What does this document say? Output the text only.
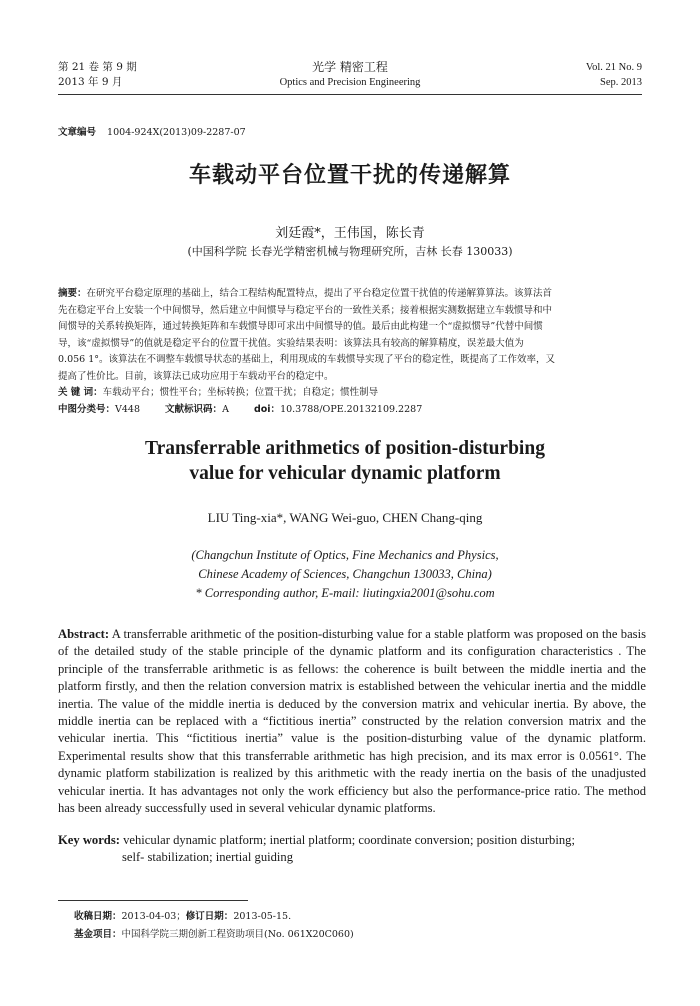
第 21 卷 第 9 期
2013 年 9 月
光学 精密工程
Optics and Precision Engineering
Vol. 21 No. 9
Sep. 2013
文章编号 1004-924X(2013)09-2287-07
车载动平台位置干扰的传递解算
刘廷霞*，王伟国，陈长青
(中国科学院 长春光学精密机械与物理研究所，吉林 长春 130033)
摘要：在研究平台稳定原理的基础上，结合工程结构配置特点，提出了平台稳定位置干扰值的传递解算算法。该算法首
先在稳定平台上安装一个中间惯导，然后建立中间惯导与稳定平台的一致性关系；接着根据实测数据建立车载惯导和中
间惯导的关系转换矩阵，通过转换矩阵和车载惯导即可求出中间惯导的值。最后由此构建一个“虚拟惯导”代替中间惯
导，该“虚拟惯导”的值就是稳定平台的位置干扰值。实验结果表明：该算法具有较高的解算精度，误差最大值为
0.056 1°。该算法在不调整车载惯导状态的基础上，利用现成的车载惯导实现了平台的稳定性，既提高了工作效率，又
提高了性价比。目前，该算法已成功应用于车载动平台的稳定中。
关 键 词：车载动平台；惯性平台；坐标转换；位置干扰；自稳定；惯性制导
中图分类号：V448	文献标识码：A	doi：10.3788/OPE.20132109.2287
Transferrable arithmetics of position-disturbing
value for vehicular dynamic platform
LIU Ting-xia*, WANG Wei-guo, CHEN Chang-qing
(Changchun Institute of Optics, Fine Mechanics and Physics,
Chinese Academy of Sciences, Changchun 130033, China)
* Corresponding author, E-mail: liutingxia2001@sohu.com
Abstract: A transferrable arithmetic of the position-disturbing value for a stable platform was proposed on the basis of the detailed study of the stable principle of the dynamic platform and its configuration characteristics . The principle of the transferrable arithmetic is as fellows: the coherence is built between the middle inertia and the platform firstly, and then the relation conversion matrix is established between the vehicular inertia and the middle inertia. The value of the middle inertia is deduced by the conversion matrix and vehicular inertia. By above, the middle inertia can be replaced with a “fictitious inertia” constructed by the relation conversion matrix and the vehicular inertia. This “fictitious inertia” value is the position-disturbing value of the dynamic platform. Experimental results show that this transferrable arithmetic has high precision, and its max error is 0.0561°. The dynamic platform stabilization is realized by this arithmetic with the ready inertia on the basis of the unadjusted vehicular inertia. It has advantages not only the work efficiency but also the performance-price ratio. The method has been already successfully used in several vehicular dynamic platforms.
Key words: vehicular dynamic platform; inertial platform; coordinate conversion; position disturbing;
self- stabilization; inertial guiding
收稿日期：2013-04-03；修订日期：2013-05-15.
基金项目：中国科学院三期创新工程资助项目(No. 061X20C060)
